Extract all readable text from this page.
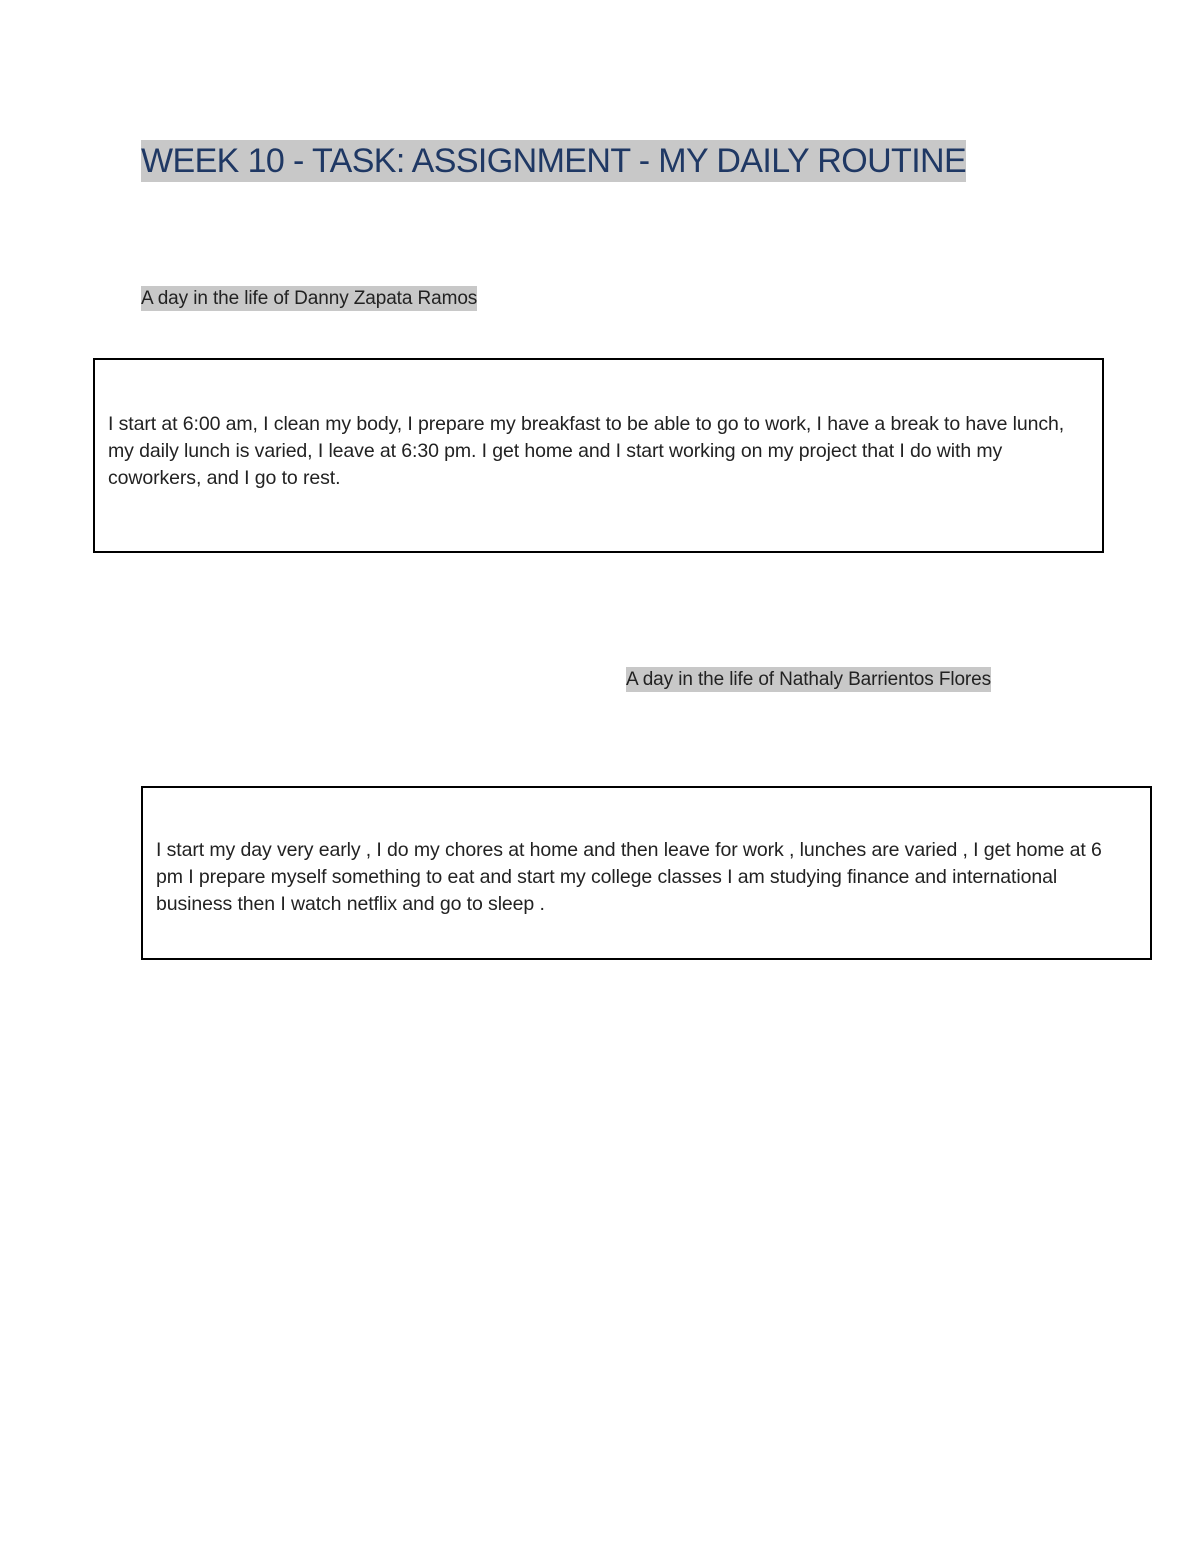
WEEK 10 - TASK: ASSIGNMENT - MY DAILY ROUTINE
A day in the life of Danny Zapata Ramos

I start at 6:00 am, I clean my body, I prepare my breakfast to be able to go to work, I have a break to have lunch, my daily lunch is varied, I leave at 6:30 pm. I get home and I start working on my project that I do with my coworkers, and I go to rest.

A day in the life of Nathaly Barrientos Flores

I start my day very early , I do my chores at home and then leave for work , lunches are varied , I get home at 6 pm I prepare myself something to eat and start my college classes I am studying finance and international business then I watch netflix and go to sleep .
